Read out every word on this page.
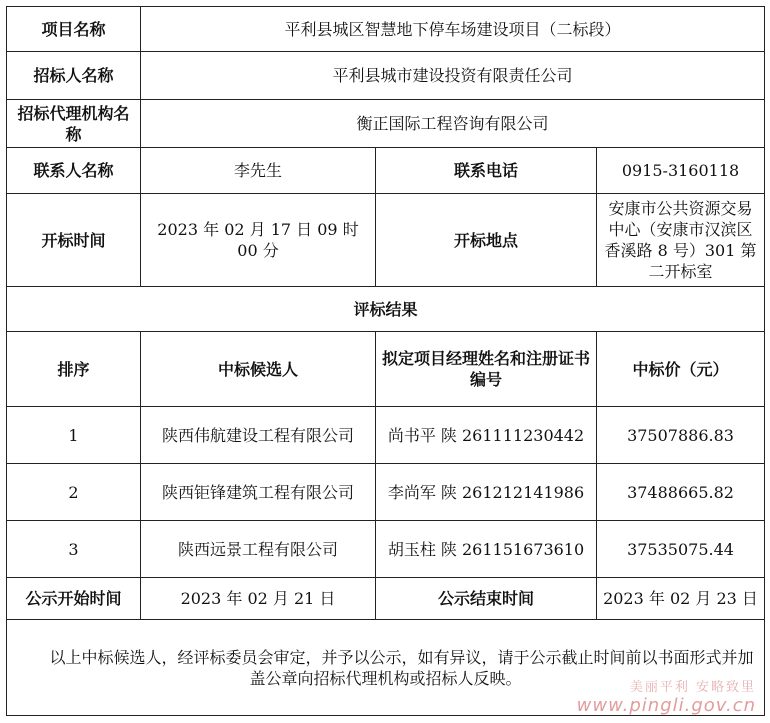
项目名称	平利县城区智慧地下停车场建设项目（二标段）		
招标人名称	平利县城市建设投资有限责任公司		
招标代理机构名称	衡正国际工程咨询有限公司		
联系人名称	李先生	联系电话	0915-3160118
开标时间	2023 年 02 月 17 日 09 时 00 分	开标地点	安康市公共资源交易中心（安康市汉滨区香溪路 8 号）301 第二开标室
评标结果			
排序	中标候选人	拟定项目经理姓名和注册证书编号	中标价（元）
1	陕西伟航建设工程有限公司	尚书平 陕 261111230442	37507886.83
2	陕西钜锋建筑工程有限公司	李尚军 陕 261212141986	37488665.82
3	陕西远景工程有限公司	胡玉柱 陕 261151673610	37535075.44
公示开始时间	2023 年 02 月 21 日	公示结束时间	2023 年 02 月 23 日

以上中标候选人，经评标委员会审定，并予以公示，如有异议，请于公示截止时间前以书面形式并加盖公章向招标代理机构或招标人反映。				美丽平利 安略致里
www.pingli.gov.cn
